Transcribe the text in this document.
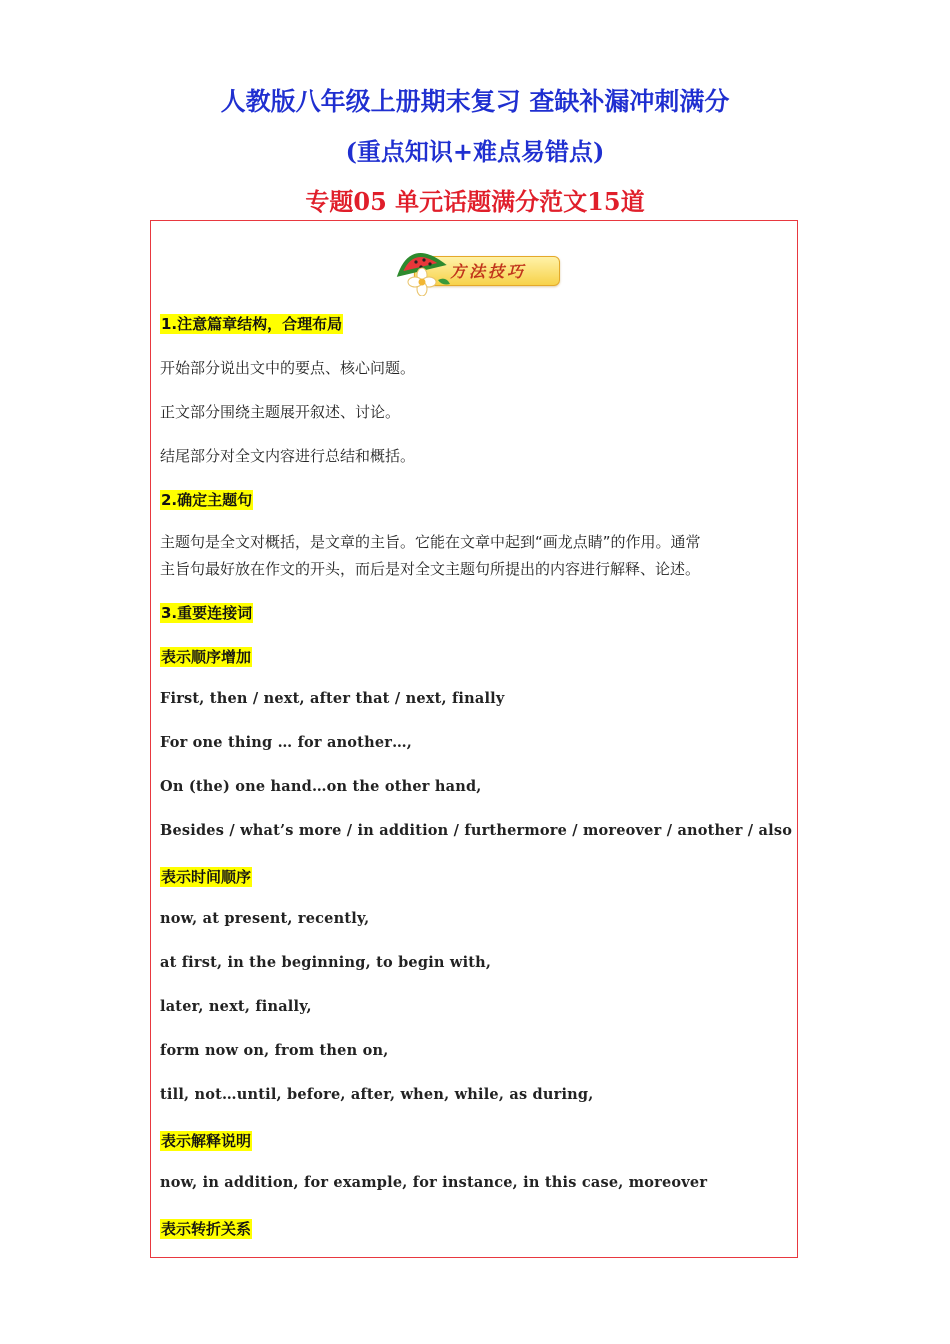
人教版八年级上册期末复习 查缺补漏冲刺满分
(重点知识+难点易错点)
专题05 单元话题满分范文15道
方法技巧
1.注意篇章结构，合理布局
开始部分说出文中的要点、核心问题。
正文部分围绕主题展开叙述、讨论。
结尾部分对全文内容进行总结和概括。
2.确定主题句
主题句是全文对概括，是文章的主旨。它能在文章中起到“画龙点睛”的作用。通常
主旨句最好放在作文的开头，而后是对全文主题句所提出的内容进行解释、论述。
3.重要连接词
表示顺序增加
First, then / next, after that / next, finally
For one thing … for another…,
On (the) one hand…on the other hand,
Besides / what’s more / in addition / furthermore / moreover / another / also
表示时间顺序
now, at present, recently,
at first, in the beginning, to begin with,
later, next, finally,
form now on, from then on,
till, not…until, before, after, when, while, as during,
表示解释说明
now, in addition, for example, for instance, in this case, moreover
表示转折关系
